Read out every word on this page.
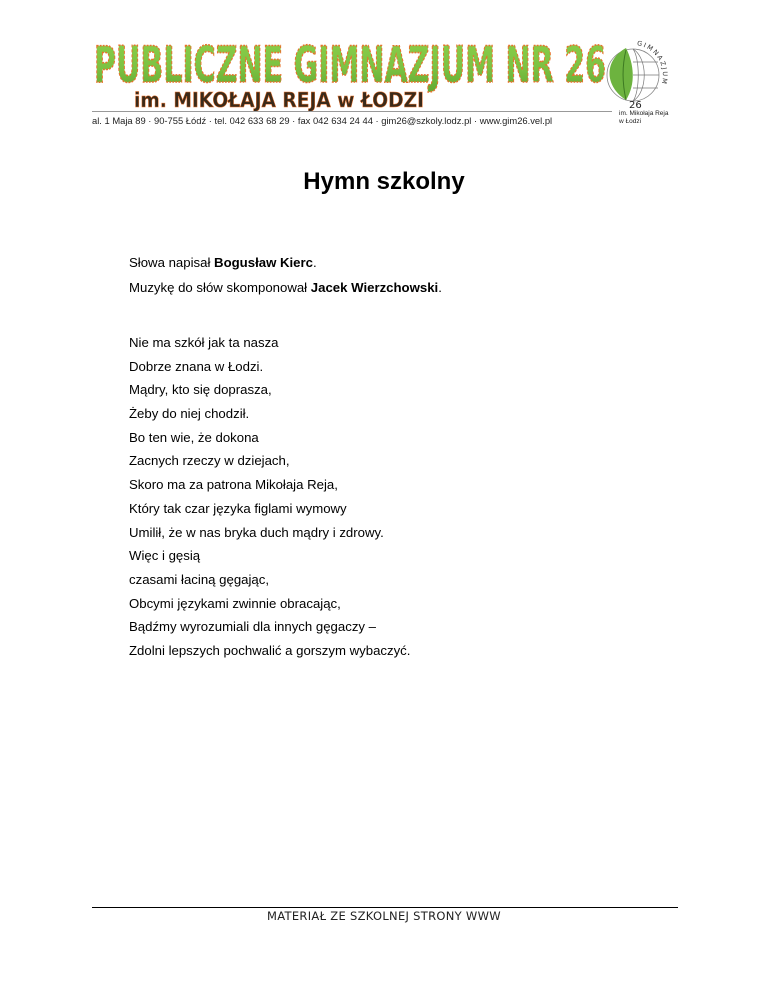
PUBLICZNE GIMNAZJUM NR 26
im. MIKOŁAJA REJA w ŁODZI
GIMNAZJUM
26
im. Mikołaja Reja
w Łodzi
al. 1 Maja 89 · 90-755 Łódź · tel. 042 633 68 29 · fax 042 634 24 44 · gim26@szkoly.lodz.pl · www.gim26.vel.pl
Hymn szkolny
Słowa napisał Bogusław Kierc.
Muzykę do słów skomponował Jacek Wierzchowski.
Nie ma szkół jak ta nasza
Dobrze znana w Łodzi.
Mądry, kto się doprasza,
Żeby do niej chodził.
Bo ten wie, że dokona
Zacnych rzeczy w dziejach,
Skoro ma za patrona Mikołaja Reja,
Który tak czar języka figlami wymowy
Umilił, że w nas bryka duch mądry i zdrowy.
Więc i gęsią
czasami łaciną gęgając,
Obcymi językami zwinnie obracając,
Bądźmy wyrozumiali dla innych gęgaczy –
Zdolni lepszych pochwalić a gorszym wybaczyć.
MATERIAŁ ZE SZKOLNEJ STRONY WWW
